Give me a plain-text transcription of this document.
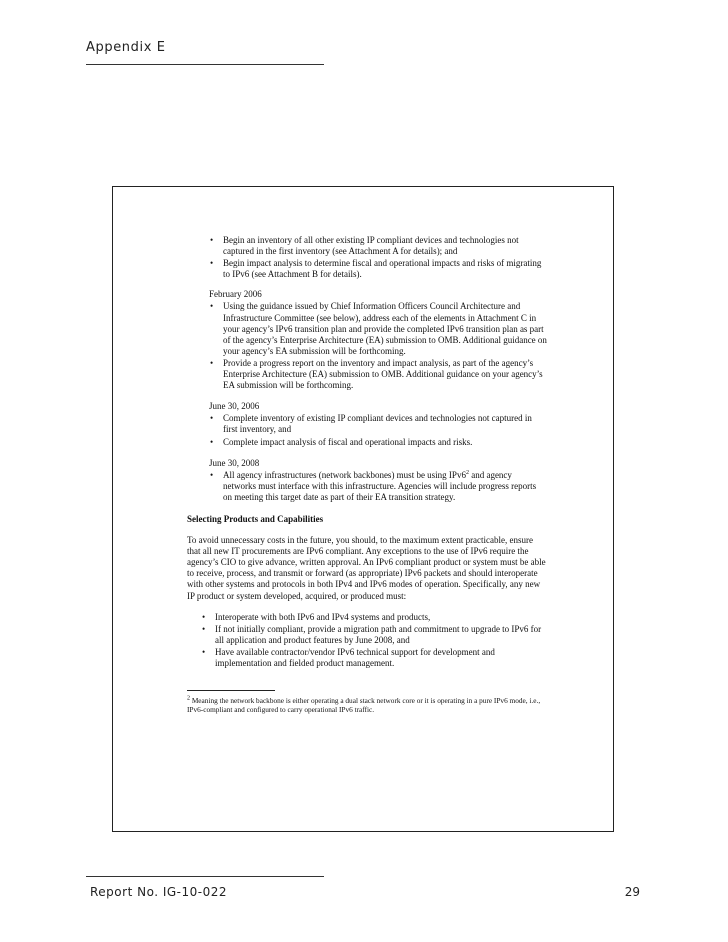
Appendix E
• Begin an inventory of all other existing IP compliant devices and technologies not captured in the first inventory (see Attachment A for details); and
• Begin impact analysis to determine fiscal and operational impacts and risks of migrating to IPv6 (see Attachment B for details).
February 2006
• Using the guidance issued by Chief Information Officers Council Architecture and Infrastructure Committee (see below), address each of the elements in Attachment C in your agency’s IPv6 transition plan and provide the completed IPv6 transition plan as part of the agency’s Enterprise Architecture (EA) submission to OMB. Additional guidance on your agency’s EA submission will be forthcoming.
• Provide a progress report on the inventory and impact analysis, as part of the agency’s Enterprise Architecture (EA) submission to OMB. Additional guidance on your agency’s EA submission will be forthcoming.
June 30, 2006
• Complete inventory of existing IP compliant devices and technologies not captured in first inventory, and
• Complete impact analysis of fiscal and operational impacts and risks.
June 30, 2008
• All agency infrastructures (network backbones) must be using $IPv6^2$ and agency networks must interface with this infrastructure. Agencies will include progress reports on meeting this target date as part of their EA transition strategy.
Selecting Products and Capabilities
To avoid unnecessary costs in the future, you should, to the maximum extent practicable, ensure that all new IT procurements are IPv6 compliant. Any exceptions to the use of IPv6 require the agency’s CIO to give advance, written approval. An IPv6 compliant product or system must be able to receive, process, and transmit or forward (as appropriate) IPv6 packets and should interoperate with other systems and protocols in both IPv4 and IPv6 modes of operation. Specifically, any new IP product or system developed, acquired, or produced must:
• Interoperate with both IPv6 and IPv4 systems and products,
• If not initially compliant, provide a migration path and commitment to upgrade to IPv6 for all application and product features by June 2008, and
• Have available contractor/vendor IPv6 technical support for development and implementation and fielded product management.
$^2$ Meaning the network backbone is either operating a dual stack network core or it is operating in a pure IPv6 mode, i.e., IPv6-compliant and configured to carry operational IPv6 traffic.
Report No. IG-10-022	29
